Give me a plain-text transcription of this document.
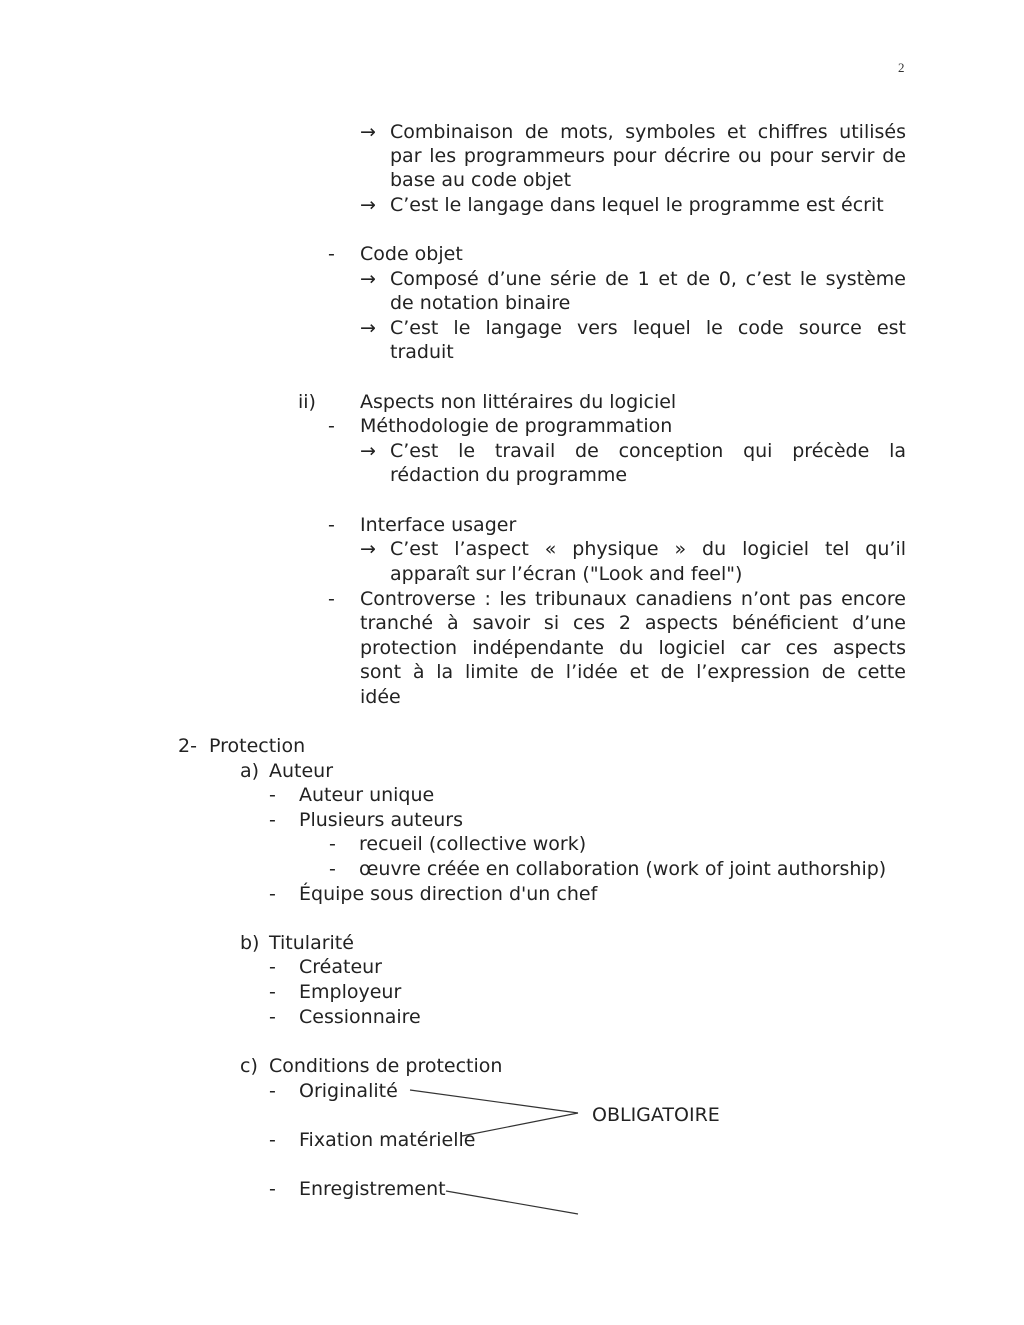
2
→ Combinaison de mots, symboles et chiffres utilisés
par les programmeurs pour décrire ou pour servir de
base au code objet
→ C’est le langage dans lequel le programme est écrit
- Code objet
→ Composé d’une série de 1 et de 0, c’est le système
de notation binaire
→ C’est le langage vers lequel le code source est
traduit
ii) Aspects non littéraires du logiciel
- Méthodologie de programmation
→ C’est le travail de conception qui précède la
rédaction du programme
- Interface usager
→ C’est l’aspect « physique » du logiciel tel qu’il
apparaît sur l’écran ("Look and feel")
- Controverse : les tribunaux canadiens n’ont pas encore
tranché à savoir si ces 2 aspects bénéficient d’une
protection indépendante du logiciel car ces aspects
sont à la limite de l’idée et de l’expression de cette
idée
2- Protection
a) Auteur
- Auteur unique
- Plusieurs auteurs
- recueil (collective work)
- œuvre créée en collaboration (work of joint authorship)
- Équipe sous direction d'un chef
b) Titularité
- Créateur
- Employeur
- Cessionnaire
c) Conditions de protection
- Originalité
- Fixation matérielle
- Enregistrement
OBLIGATOIRE
